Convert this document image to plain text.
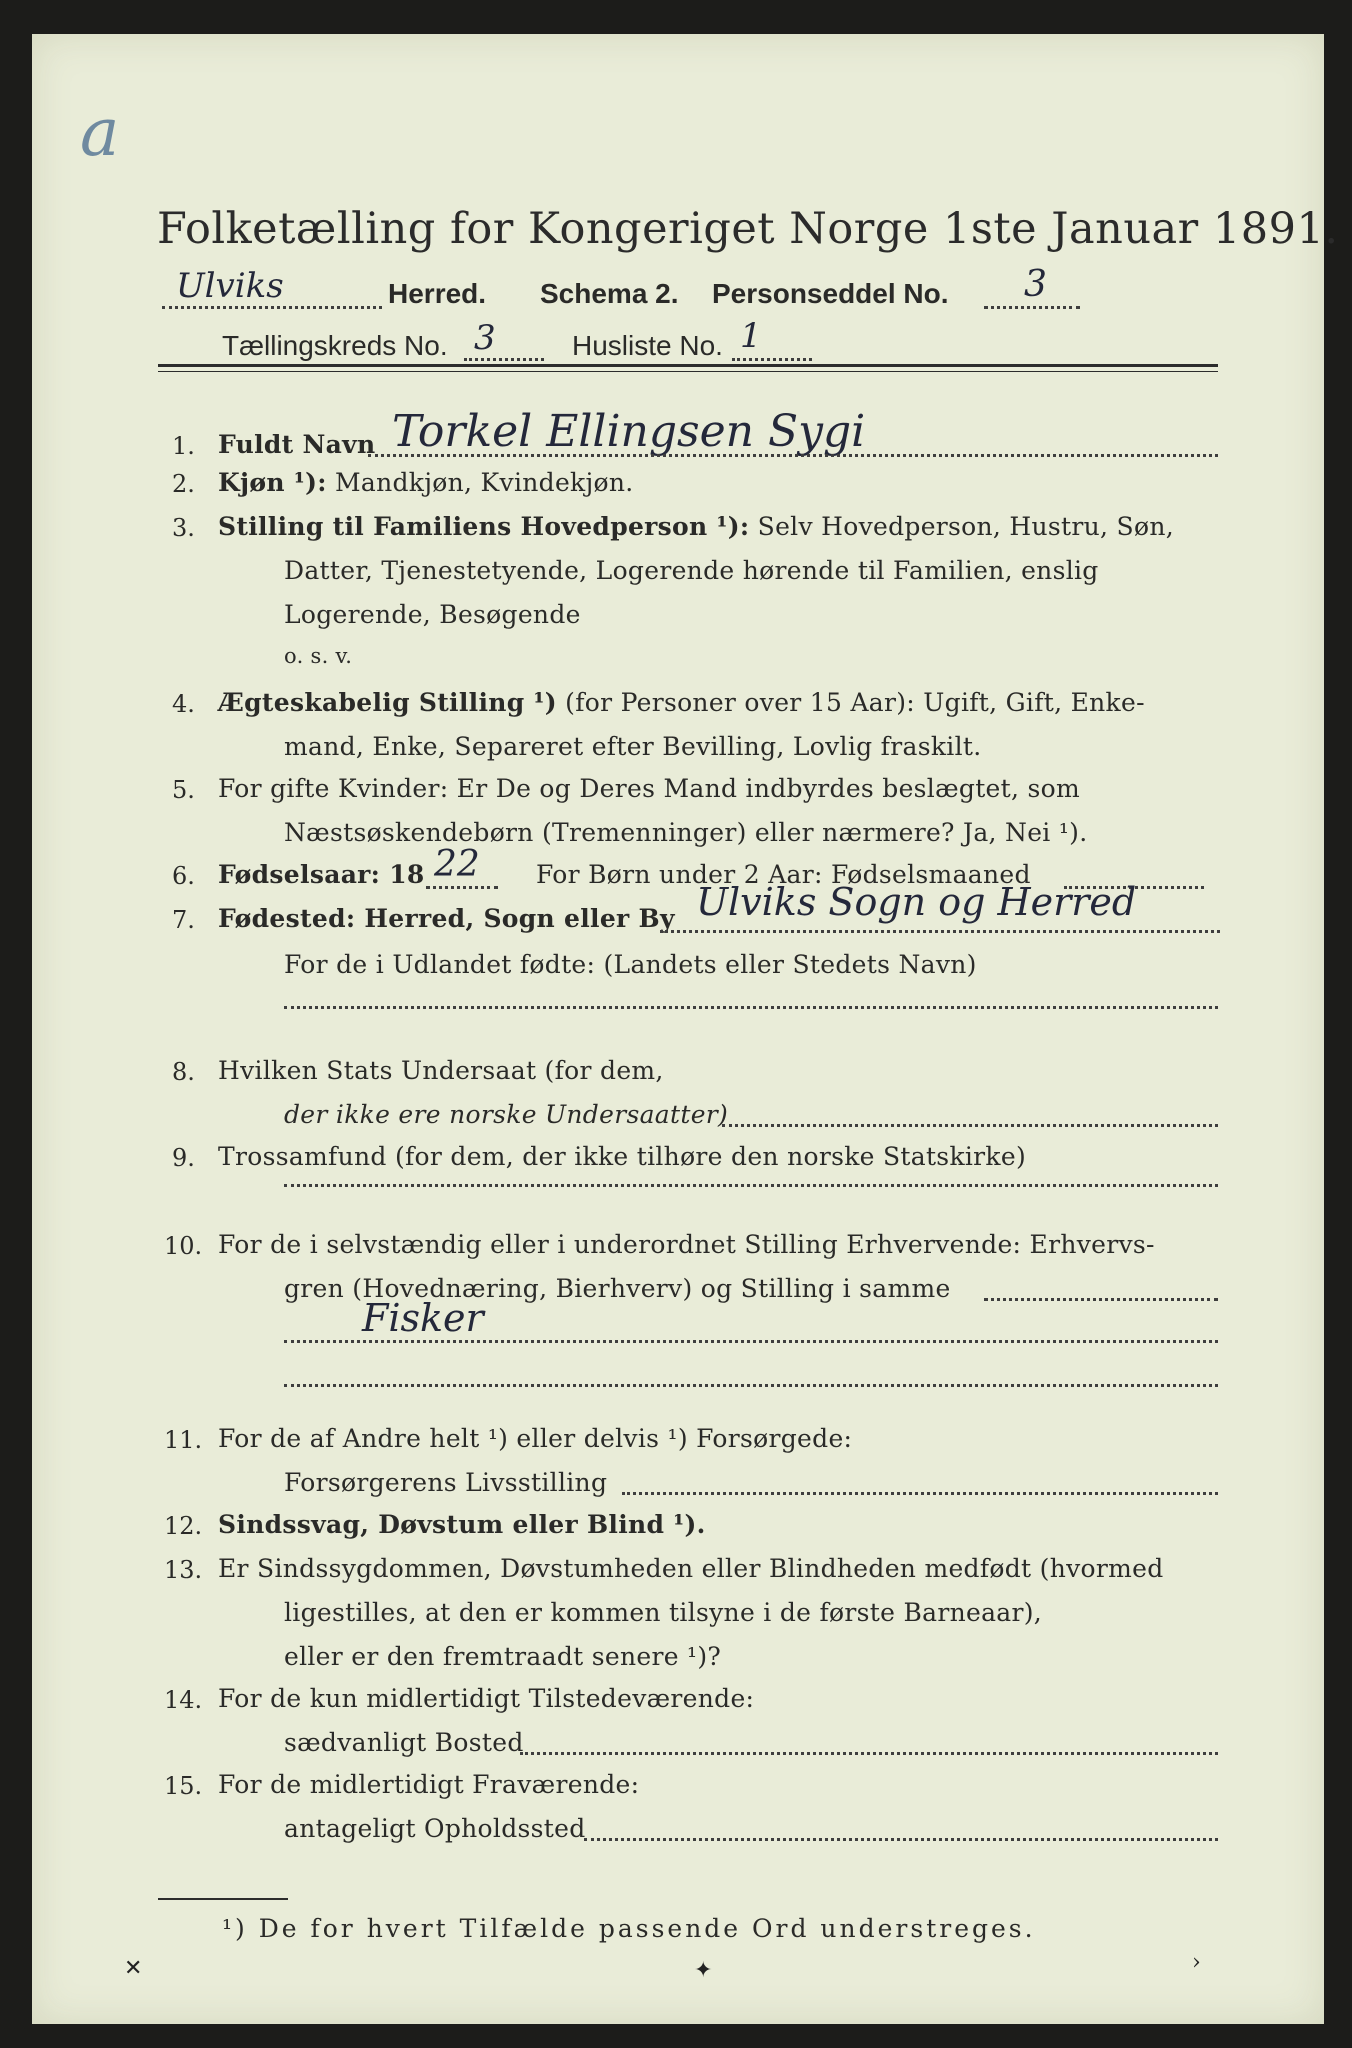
a
Folketælling for Kongeriget Norge 1ste Januar 1891.
Ulviks	Herred. Schema 2. Personseddel No. 3
Tællingskreds No. 3	Husliste No. 1
1. Fuldt Navn Torkel Ellingsen Sygi
2. Kjøn ¹): Mandkjøn, Kvindekjøn.
3. Stilling til Familiens Hovedperson ¹): Selv Hovedperson, Hustru, Søn,
Datter, Tjenestetyende, Logerende hørende til Familien, enslig
Logerende, Besøgende
o. s. v.
4. Ægteskabelig Stilling ¹) (for Personer over 15 Aar): Ugift, Gift, Enke-
mand, Enke, Separeret efter Bevilling, Lovlig fraskilt.
5. For gifte Kvinder: Er De og Deres Mand indbyrdes beslægtet, som
Næstsøskendebørn (Tremenninger) eller nærmere? Ja, Nei ¹).
6. Fødselsaar: 18 22 For Børn under 2 Aar: Fødselsmaaned
7. Fødested: Herred, Sogn eller By Ulviks Sogn og Herred
For de i Udlandet fødte: (Landets eller Stedets Navn)
8. Hvilken Stats Undersaat (for dem,
der ikke ere norske Undersaatter)
9. Trossamfund (for dem, der ikke tilhøre den norske Statskirke)
10. For de i selvstændig eller i underordnet Stilling Erhvervende: Erhvervs-
gren (Hovednæring, Bierhverv) og Stilling i samme
Fisker
11. For de af Andre helt ¹) eller delvis ¹) Forsørgede:
Forsørgerens Livsstilling
12. Sindssvag, Døvstum eller Blind ¹).
13. Er Sindssygdommen, Døvstumheden eller Blindheden medfødt (hvormed
ligestilles, at den er kommen tilsyne i de første Barneaar),
eller er den fremtraadt senere ¹)?
14. For de kun midlertidigt Tilstedeværende:
sædvanligt Bosted
15. For de midlertidigt Fraværende:
antageligt Opholdssted
¹) De for hvert Tilfælde passende Ord understreges.
✕	✦	›
